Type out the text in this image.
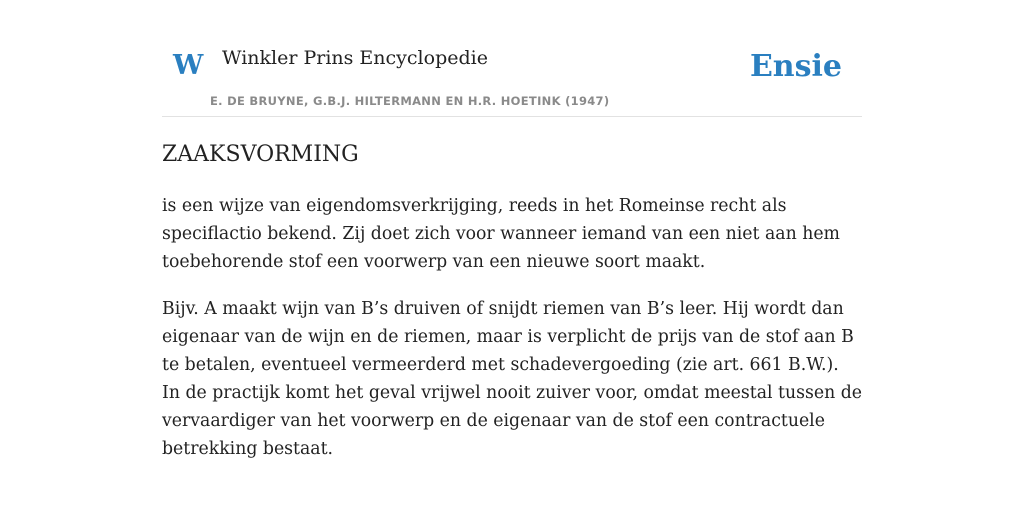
W Winkler Prins Encyclopedie
E. DE BRUYNE, G.B.J. HILTERMANN EN H.R. HOETINK (1947)
Ensie
ZAAKSVORMING

is een wijze van eigendomsverkrijging, reeds in het Romeinse recht als speciflactio bekend. Zij doet zich voor wanneer iemand van een niet aan hem toebehorende stof een voorwerp van een nieuwe soort maakt.

Bijv. A maakt wijn van B’s druiven of snijdt riemen van B’s leer. Hij wordt dan eigenaar van de wijn en de riemen, maar is verplicht de prijs van de stof aan B te betalen, eventueel vermeerderd met schadevergoeding (zie art. 661 B.W.). In de practijk komt het geval vrijwel nooit zuiver voor, omdat meestal tussen de vervaardiger van het voorwerp en de eigenaar van de stof een contractuele betrekking bestaat.
